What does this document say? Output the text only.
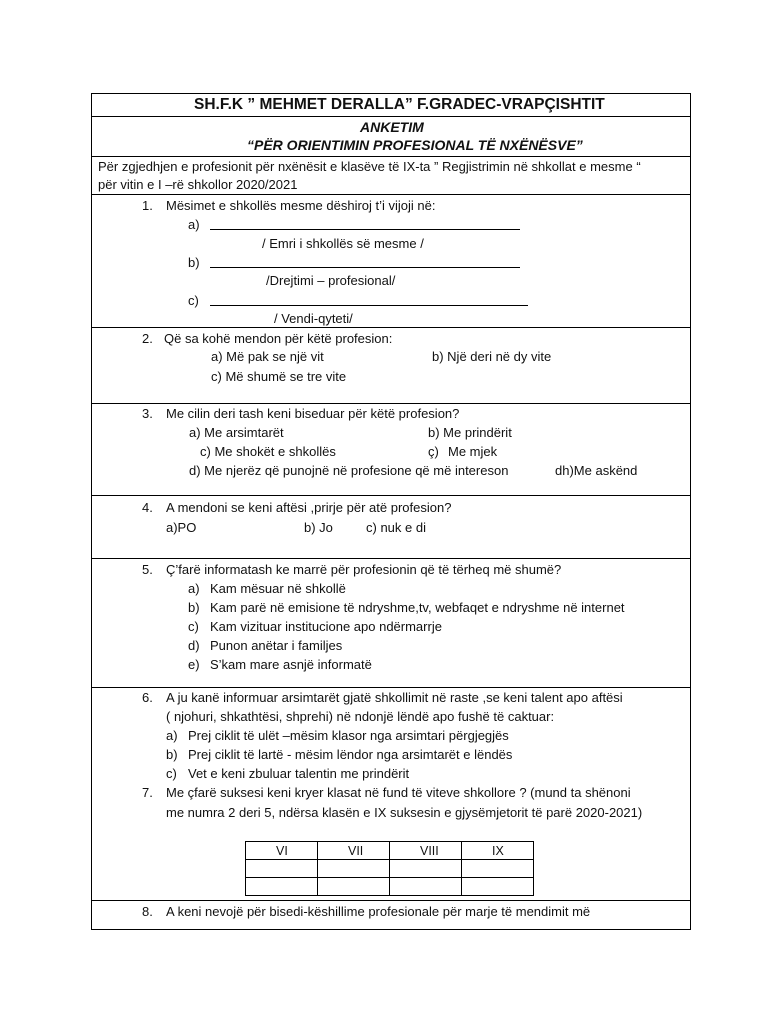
SH.F.K ” MEHMET DERALLA” F.GRADEC-VRAPÇISHTIT
ANKETIM
“PËR ORIENTIMIN PROFESIONAL TË NXËNËSVE”
Për zgjedhjen e profesionit për nxënësit e klasëve të IX-ta ” Regjistrimin në shkollat e mesme “
për vitin e I –rë shkollor 2020/2021
1. Mësimet e shkollës mesme dëshiroj t’i vijoji në:
a)
/ Emri i shkollës së mesme /
b)
/Drejtimi – profesional/
c)
/ Vendi-qyteti/
2. Që sa kohë mendon për këtë profesion:
a) Më pak se një vit	b) Një deri në dy vite
c) Më shumë se tre vite
3. Me cilin deri tash keni biseduar për këtë profesion?
a) Me arsimtarët	b) Me prindërit
c) Me shokët e shkollës	ç) Me mjek
d) Me njerëz që punojnë në profesione që më intereson	dh)Me askënd
4. A mendoni se keni aftësi ,prirje për atë profesion?
a)PO	b) Jo	c) nuk e di
5. Ç’farë informatash ke marrë për profesionin që të tërheq më shumë?
a) Kam mësuar në shkollë
b) Kam parë në emisione të ndryshme,tv, webfaqet e ndryshme në internet
c) Kam vizituar institucione apo ndërmarrje
d) Punon anëtar i familjes
e) S’kam mare asnjë informatë
6. A ju kanë informuar arsimtarët gjatë shkollimit në raste ,se keni talent apo aftësi
( njohuri, shkathtësi, shprehi) në ndonjë lëndë apo fushë të caktuar:
a) Prej ciklit të ulët –mësim klasor nga arsimtari përgjegjës
b) Prej ciklit të lartë - mësim lëndor nga arsimtarët e lëndës
c) Vet e keni zbuluar talentin me prindërit
7. Me çfarë suksesi keni kryer klasat në fund të viteve shkollore ? (mund ta shënoni
me numra 2 deri 5, ndërsa klasën e IX suksesin e gjysëmjetorit të parë 2020-2021)
VI	VII	VIII	IX

8. A keni nevojë për bisedi-këshillime profesionale për marje të mendimit më
